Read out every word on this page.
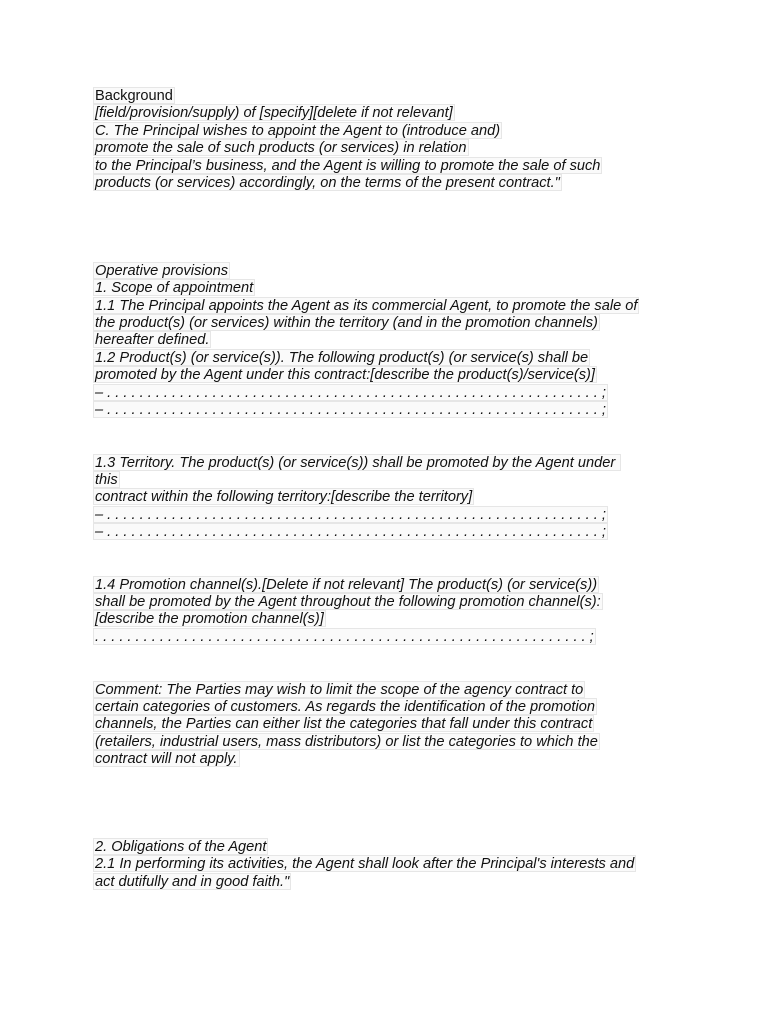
Background
[field/provision/supply) of [specify][delete if not relevant]
C. The Principal wishes to appoint the Agent to (introduce and)
promote the sale of such products (or services) in relation
to the Principal’s business, and the Agent is willing to promote the sale of such
products (or services) accordingly, on the terms of the present contract."
Operative provisions
1. Scope of appointment
1.1 The Principal appoints the Agent as its commercial Agent, to promote the sale of
the product(s) (or services) within the territory (and in the promotion channels)
hereafter defined.
1.2 Product(s) (or service(s)). The following product(s) (or service(s) shall be
promoted by the Agent under this contract:[describe the product(s)/service(s)]
– . . . . . . . . . . . . . . . . . . . . . . . . . . . . . . . . . . . . . . . . . . . . . . . . . . . . . . . . . . . . . ;
– . . . . . . . . . . . . . . . . . . . . . . . . . . . . . . . . . . . . . . . . . . . . . . . . . . . . . . . . . . . . . ;
1.3 Territory. The product(s) (or service(s)) shall be promoted by the Agent under
this
contract within the following territory:[describe the territory]
– . . . . . . . . . . . . . . . . . . . . . . . . . . . . . . . . . . . . . . . . . . . . . . . . . . . . . . . . . . . . . ;
– . . . . . . . . . . . . . . . . . . . . . . . . . . . . . . . . . . . . . . . . . . . . . . . . . . . . . . . . . . . . . ;
1.4 Promotion channel(s).[Delete if not relevant] The product(s) (or service(s))
shall be promoted by the Agent throughout the following promotion channel(s):
[describe the promotion channel(s)]
. . . . . . . . . . . . . . . . . . . . . . . . . . . . . . . . . . . . . . . . . . . . . . . . . . . . . . . . . . . . . ;
Comment: The Parties may wish to limit the scope of the agency contract to
certain categories of customers. As regards the identification of the promotion
channels, the Parties can either list the categories that fall under this contract
(retailers, industrial users, mass distributors) or list the categories to which the
contract will not apply.
2. Obligations of the Agent
2.1 In performing its activities, the Agent shall look after the Principal's interests and
act dutifully and in good faith."
